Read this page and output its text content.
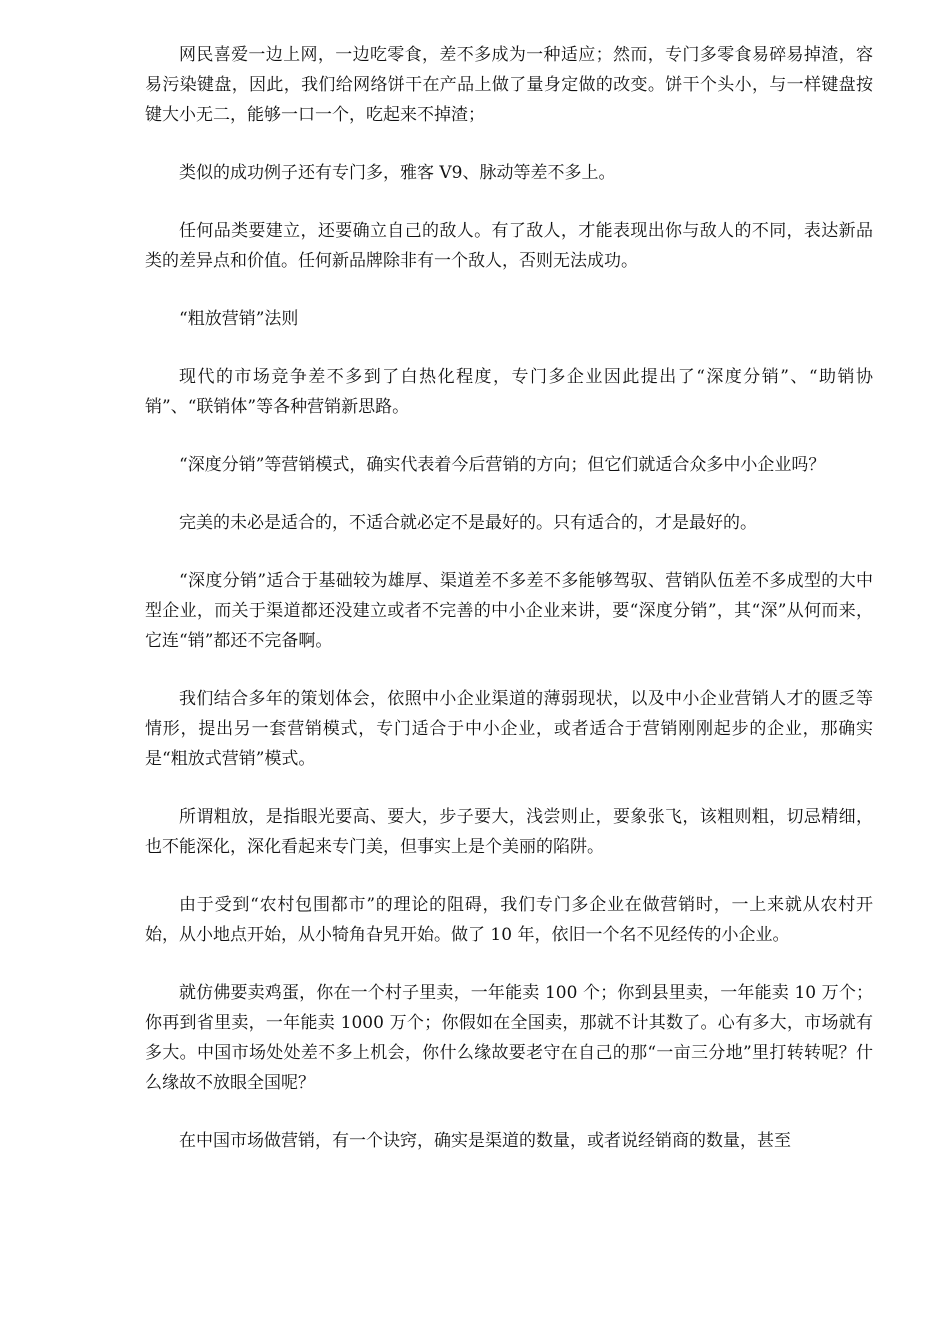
网民喜爱一边上网，一边吃零食，差不多成为一种适应；然而，专门多零食易碎易掉渣，容易污染键盘，因此，我们给网络饼干在产品上做了量身定做的改变。饼干个头小，与一样键盘按键大小无二，能够一口一个，吃起来不掉渣；

类似的成功例子还有专门多，雅客 V9、脉动等差不多上。

任何品类要建立，还要确立自己的敌人。有了敌人，才能表现出你与敌人的不同，表达新品类的差异点和价值。任何新品牌除非有一个敌人，否则无法成功。

“粗放营销”法则

现代的市场竞争差不多到了白热化程度，专门多企业因此提出了“深度分销”、“助销协销”、“联销体”等各种营销新思路。

“深度分销”等营销模式，确实代表着今后营销的方向；但它们就适合众多中小企业吗？

完美的未必是适合的，不适合就必定不是最好的。只有适合的，才是最好的。

“深度分销”适合于基础较为雄厚、渠道差不多差不多能够驾驭、营销队伍差不多成型的大中型企业，而关于渠道都还没建立或者不完善的中小企业来讲，要“深度分销”，其“深”从何而来，它连“销”都还不完备啊。

我们结合多年的策划体会，依照中小企业渠道的薄弱现状，以及中小企业营销人才的匮乏等情形，提出另一套营销模式，专门适合于中小企业，或者适合于营销刚刚起步的企业，那确实是“粗放式营销”模式。

所谓粗放，是指眼光要高、要大，步子要大，浅尝则止，要象张飞，该粗则粗，切忌精细，也不能深化，深化看起来专门美，但事实上是个美丽的陷阱。

由于受到“农村包围都市”的理论的阻碍，我们专门多企业在做营销时，一上来就从农村开始，从小地点开始，从小犄角旮旯开始。做了 10 年，依旧一个名不见经传的小企业。

就仿佛要卖鸡蛋，你在一个村子里卖，一年能卖 100 个；你到县里卖，一年能卖 10 万个；你再到省里卖，一年能卖 1000 万个；你假如在全国卖，那就不计其数了。心有多大，市场就有多大。中国市场处处差不多上机会，你什么缘故要老守在自己的那“一亩三分地”里打转转呢？什么缘故不放眼全国呢？

在中国市场做营销，有一个诀窍，确实是渠道的数量，或者说经销商的数量，甚至
